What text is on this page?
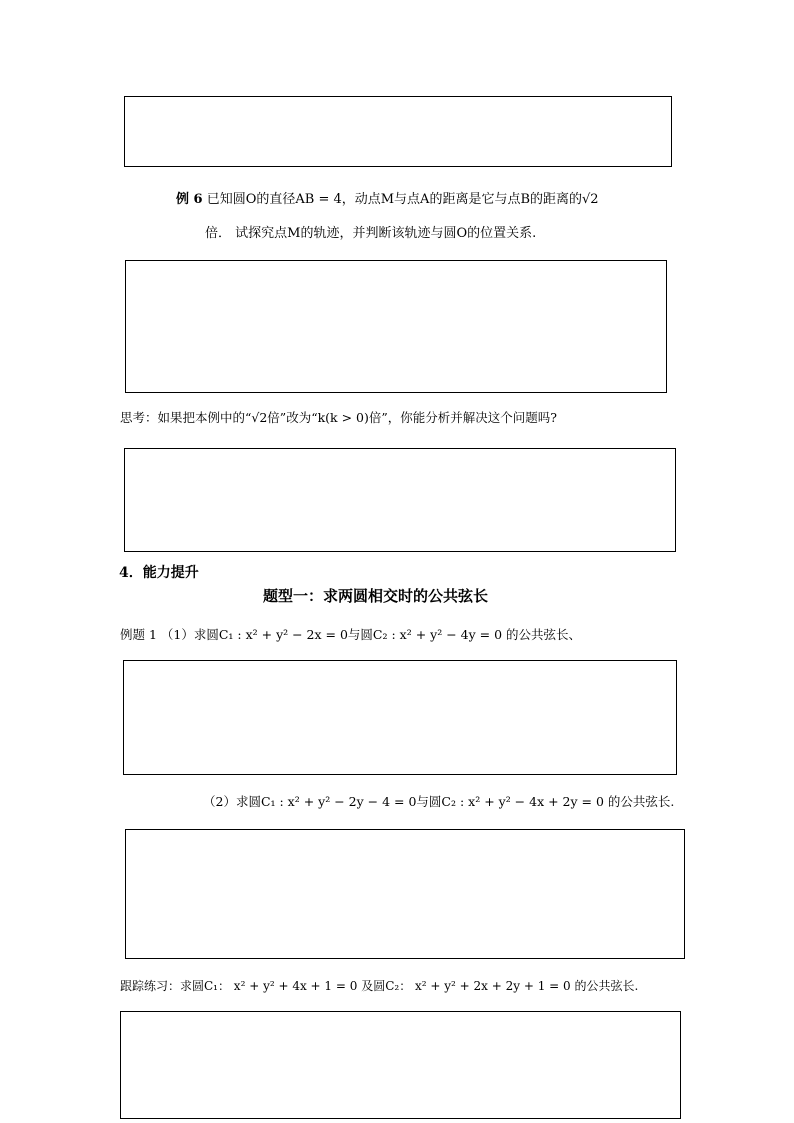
例 6 已知圆O的直径AB = 4，动点M与点A的距离是它与点B的距离的√2
倍． 试探究点M的轨迹，并判断该轨迹与圆O的位置关系.
思考：如果把本例中的“√2倍”改为“k(k > 0)倍”，你能分析并解决这个问题吗?
4．能力提升
题型一：求两圆相交时的公共弦长
例题 1 （1）求圆C₁ : x² + y² − 2x = 0与圆C₂ : x² + y² − 4y = 0 的公共弦长、
（2）求圆C₁ : x² + y² − 2y − 4 = 0与圆C₂ : x² + y² − 4x + 2y = 0 的公共弦长.
跟踪练习：求圆C₁： x² + y² + 4x + 1 = 0 及圆C₂： x² + y² + 2x + 2y + 1 = 0 的公共弦长.
